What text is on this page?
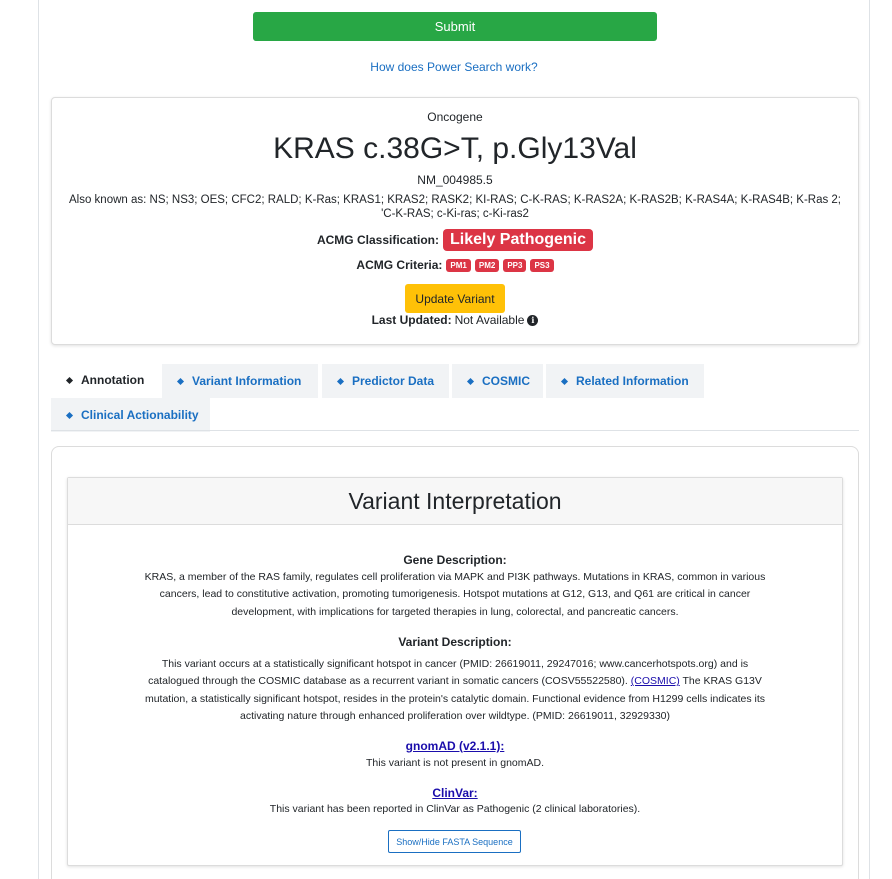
Submit
How does Power Search work?
Oncogene
KRAS c.38G>T, p.Gly13Val
NM_004985.5
Also known as: NS; NS3; OES; CFC2; RALD; K-Ras; KRAS1; KRAS2; RASK2; KI-RAS; C-K-RAS; K-RAS2A; K-RAS2B; K-RAS4A; K-RAS4B; K-Ras 2; 'C-K-RAS; c-Ki-ras; c-Ki-ras2
ACMG Classification: Likely Pathogenic
ACMG Criteria:	PM1	PM2	PP3	PS3
Update Variant
Last Updated: Not Available i
Annotation	Variant Information	Predictor Data	COSMIC	Related Information
Clinical Actionability
Variant Interpretation
Gene Description:
KRAS, a member of the RAS family, regulates cell proliferation via MAPK and PI3K pathways. Mutations in KRAS, common in various cancers, lead to constitutive activation, promoting tumorigenesis. Hotspot mutations at G12, G13, and Q61 are critical in cancer development, with implications for targeted therapies in lung, colorectal, and pancreatic cancers.
Variant Description:
This variant occurs at a statistically significant hotspot in cancer (PMID: 26619011, 29247016; www.cancerhotspots.org) and is catalogued through the COSMIC database as a recurrent variant in somatic cancers (COSV55522580). (COSMIC) The KRAS G13V mutation, a statistically significant hotspot, resides in the protein's catalytic domain. Functional evidence from H1299 cells indicates its activating nature through enhanced proliferation over wildtype. (PMID: 26619011, 32929330)
gnomAD (v2.1.1):
This variant is not present in gnomAD.
ClinVar:
This variant has been reported in ClinVar as Pathogenic (2 clinical laboratories).
Show/Hide FASTA Sequence
